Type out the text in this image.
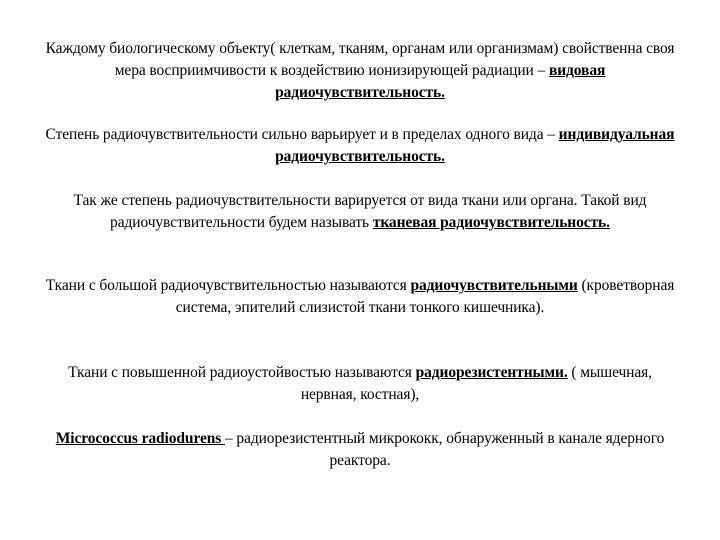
Каждому биологическому объекту( клеткам, тканям, органам или организмам) свойственна своя мера восприимчивости к воздействию ионизирующей радиации – видовая радиочувствительность.

Степень радиочувствительности сильно варьирует и в пределах одного вида – индивидуальная радиочувствительность.

Так же степень радиочувствительности варируется от вида ткани или органа. Такой вид радиочувствительности будем называть тканевая радиочувствительность.

Ткани с большой радиочувствительностью называются радиочувствительными (кроветворная система, эпителий слизистой ткани тонкого кишечника).

Ткани с повышенной радиоустойвостью называются радиорезистентными. ( мышечная, нервная, костная),

Micrococcus radiodurens – радиорезистентный микрококк, обнаруженный в канале ядерного реактора.
